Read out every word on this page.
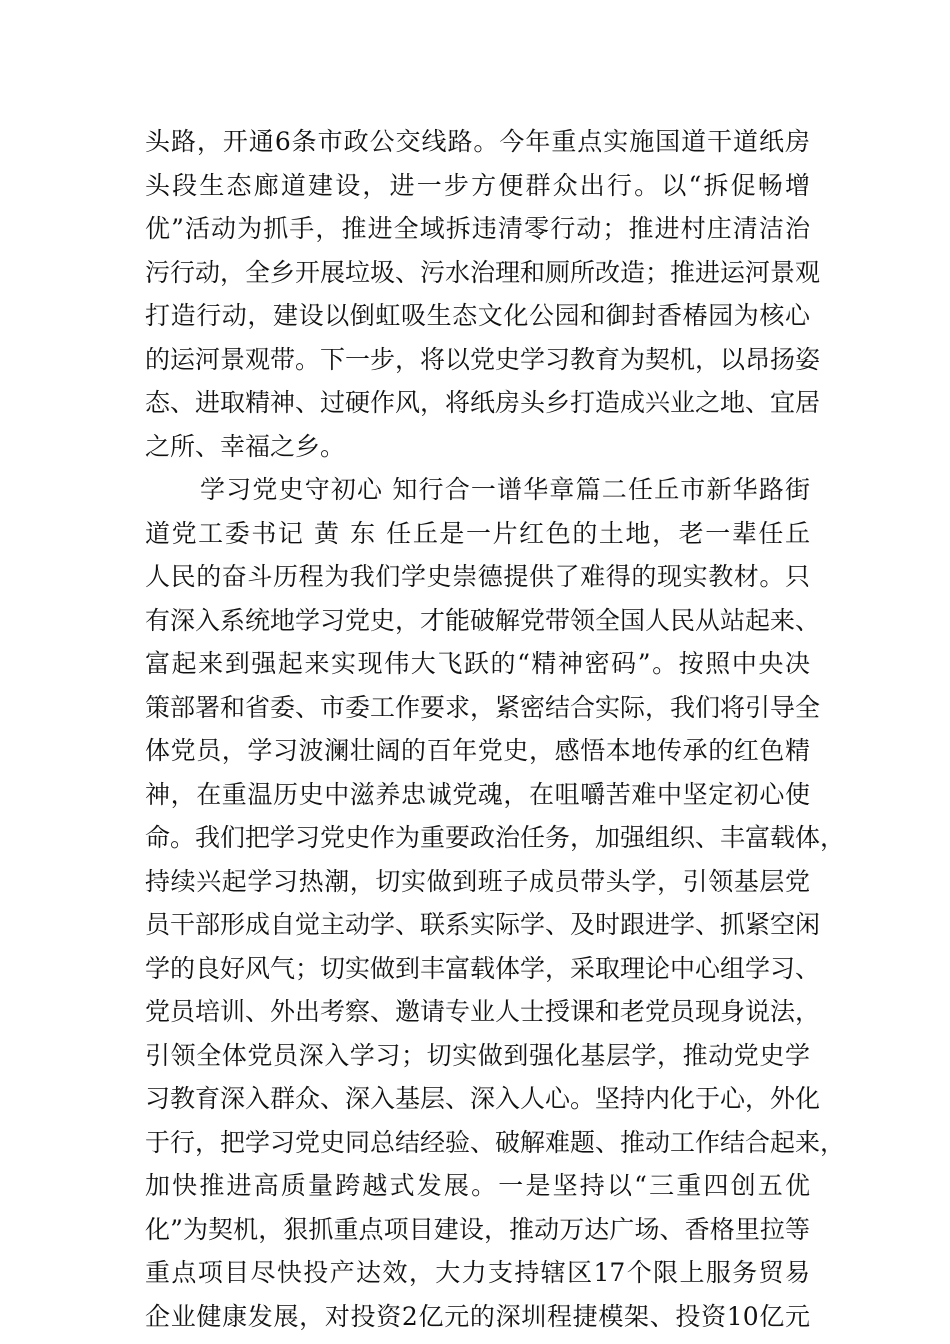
头路，开通6条市政公交线路。今年重点实施国道干道纸房
头段生态廊道建设，进一步方便群众出行。以“拆促畅增
优”活动为抓手，推进全域拆违清零行动；推进村庄清洁治
污行动，全乡开展垃圾、污水治理和厕所改造；推进运河景观
打造行动，建设以倒虹吸生态文化公园和御封香椿园为核心
的运河景观带。下一步，将以党史学习教育为契机，以昂扬姿
态、进取精神、过硬作风，将纸房头乡打造成兴业之地、宜居
之所、幸福之乡。
学习党史守初心 知行合一谱华章篇二任丘市新华路街
道党工委书记 黄 东 任丘是一片红色的土地，老一辈任丘
人民的奋斗历程为我们学史崇德提供了难得的现实教材。只
有深入系统地学习党史，才能破解党带领全国人民从站起来、
富起来到强起来实现伟大飞跃的“精神密码”。按照中央决
策部署和省委、市委工作要求，紧密结合实际，我们将引导全
体党员，学习波澜壮阔的百年党史，感悟本地传承的红色精
神，在重温历史中滋养忠诚党魂，在咀嚼苦难中坚定初心使
命。我们把学习党史作为重要政治任务，加强组织、丰富载体，
持续兴起学习热潮，切实做到班子成员带头学，引领基层党
员干部形成自觉主动学、联系实际学、及时跟进学、抓紧空闲
学的良好风气；切实做到丰富载体学，采取理论中心组学习、
党员培训、外出考察、邀请专业人士授课和老党员现身说法，
引领全体党员深入学习；切实做到强化基层学，推动党史学
习教育深入群众、深入基层、深入人心。坚持内化于心，外化
于行，把学习党史同总结经验、破解难题、推动工作结合起来，
加快推进高质量跨越式发展。一是坚持以“三重四创五优
化”为契机，狠抓重点项目建设，推动万达广场、香格里拉等
重点项目尽快投产达效，大力支持辖区17个限上服务贸易
企业健康发展，对投资2亿元的深圳程捷模架、投资10亿元
